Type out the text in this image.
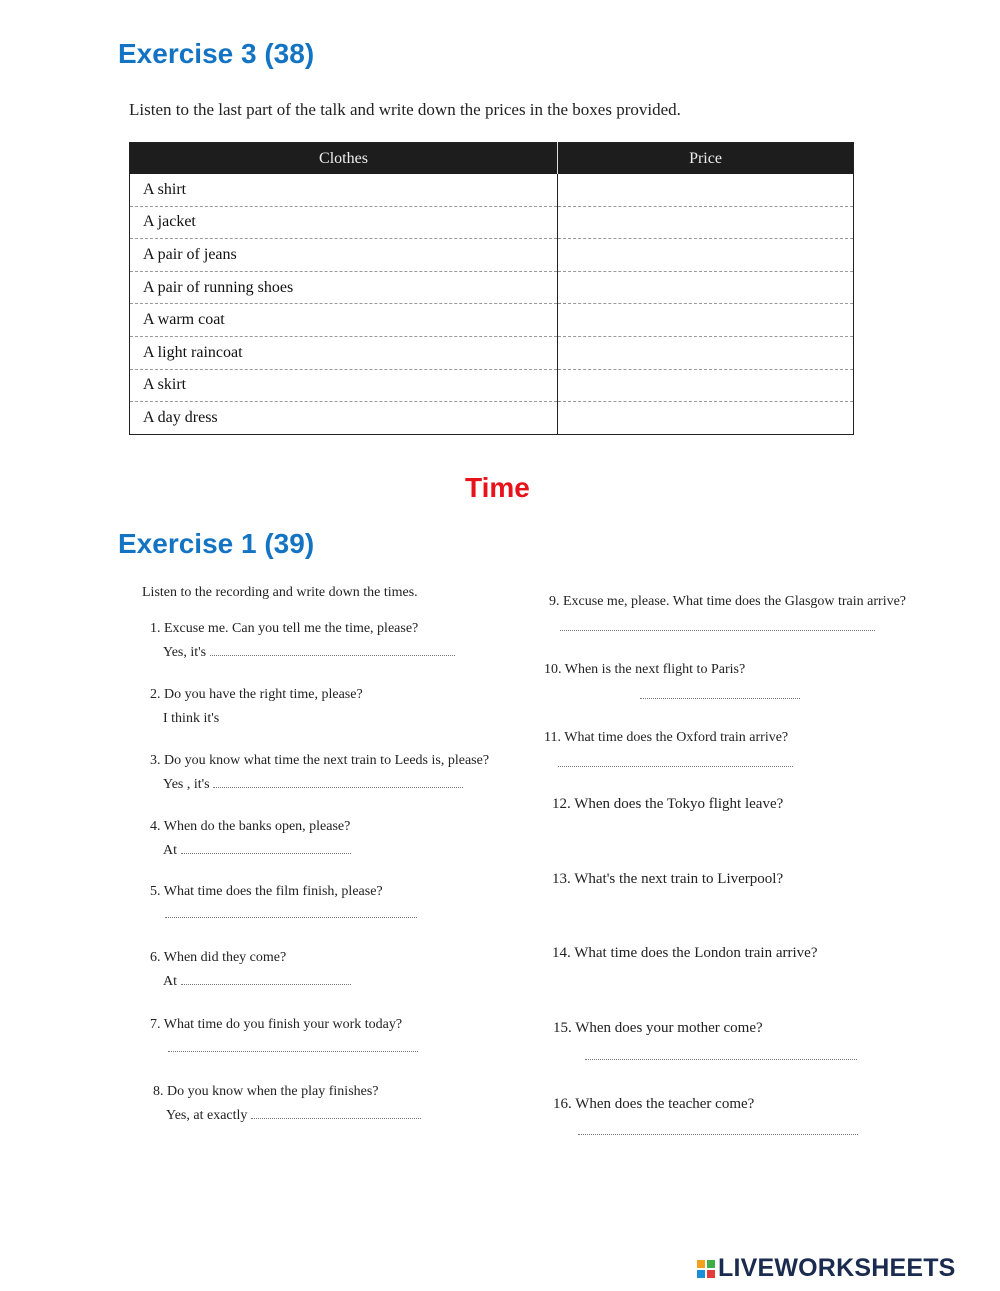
Exercise 3 (38)
Listen to the last part of the talk and write down the prices in the boxes provided.
Clothes	Price
A shirt	
A jacket	
A pair of jeans	
A pair of running shoes	
A warm coat	
A light raincoat	
A skirt	
A day dress	
Time
Exercise 1 (39)
Listen to the recording and write down the times.
1. Excuse me. Can you tell me the time, please?
Yes, it's
2. Do you have the right time, please?
I think it's
3. Do you know what time the next train to Leeds is, please?
Yes , it's
4. When do the banks open, please?
At
5. What time does the film finish, please?
6. When did they come?
At
7. What time do you finish your work today?
8. Do you know when the play finishes?
Yes, at exactly
9. Excuse me, please. What time does the Glasgow train arrive?
10. When is the next flight to Paris?
11. What time does the Oxford train arrive?
12. When does the Tokyo flight leave?
13. What's the next train to Liverpool?
14. What time does the London train arrive?
15. When does your mother come?
16. When does the teacher come?
LIVEWORKSHEETS
